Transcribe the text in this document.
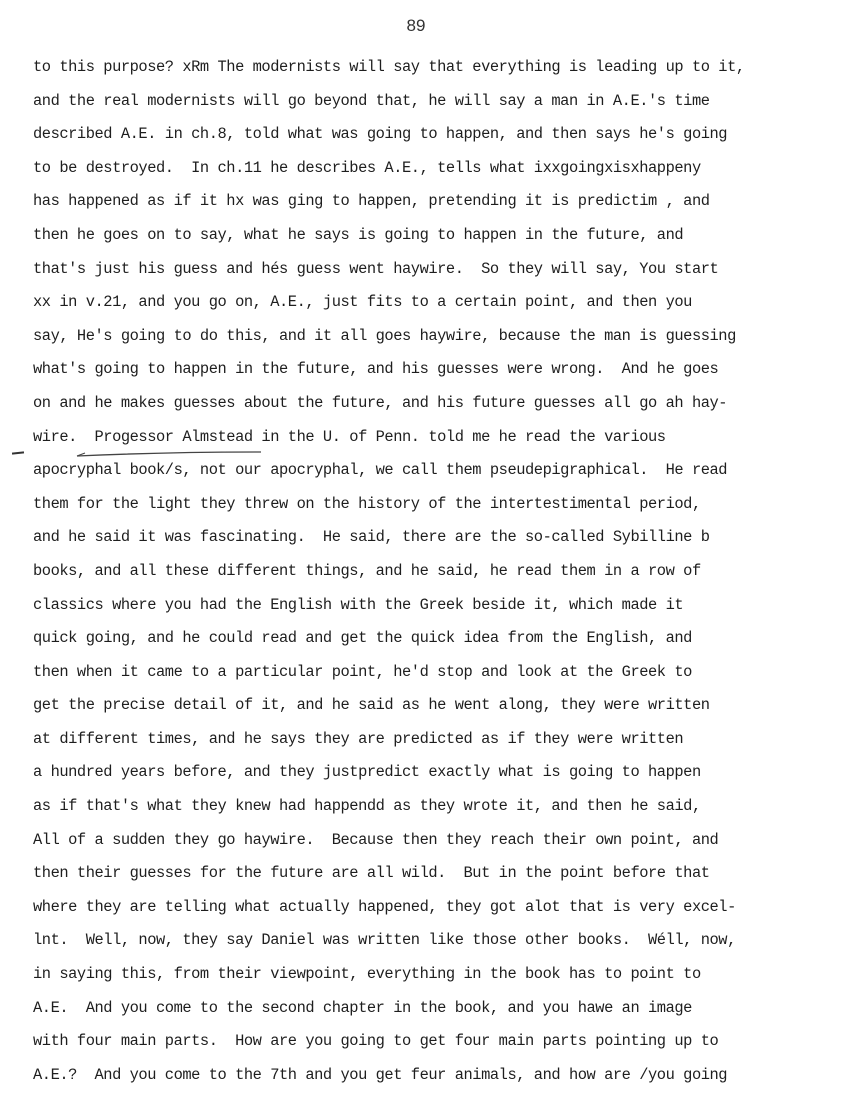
89
to this purpose? xRm The modernists will say that everything is leading up to it,
and the real modernists will go beyond that, he will say a man in A.E.'s time
described A.E. in ch.8, told what was going to happen, and then says he's going
to be destroyed.  In ch.11 he describes A.E., tells what ixxgoingxisxhappeny
has happened as if it hx was ging to happen, pretending it is predictim , and
then he goes on to say, what he says is going to happen in the future, and
that's just his guess and hés guess went haywire.  So they will say, You start
xx in v.21, and you go on, A.E., just fits to a certain point, and then you
say, He's going to do this, and it all goes haywire, because the man is guessing
what's going to happen in the future, and his guesses were wrong.  And he goes
on and he makes guesses about the future, and his future guesses all go ah hay-
wire.  Progessor Almstead in the U. of Penn. told me he read the various
apocryphal book/s, not our apocryphal, we call them pseudepigraphical.  He read
them for the light they threw on the history of the intertestimental period,
and he said it was fascinating.  He said, there are the so-called Sybilline b
books, and all these different things, and he said, he read them in a row of
classics where you had the English with the Greek beside it, which made it
quick going, and he could read and get the quick idea from the English, and
then when it came to a particular point, he'd stop and look at the Greek to
get the precise detail of it, and he said as he went along, they were written
at different times, and he says they are predicted as if they were written
a hundred years before, and they justpredict exactly what is going to happen
as if that's what they knew had happendd as they wrote it, and then he said,
All of a sudden they go haywire.  Because then they reach their own point, and
then their guesses for the future are all wild.  But in the point before that
where they are telling what actually happened, they got alot that is very excel-
lnt.  Well, now, they say Daniel was written like those other books.  Wéll, now,
in saying this, from their viewpoint, everything in the book has to point to
A.E.  And you come to the second chapter in the book, and you hawe an image
with four main parts.  How are you going to get four main parts pointing up to
A.E.?  And you come to the 7th and you get feur animals, and how are /you going
